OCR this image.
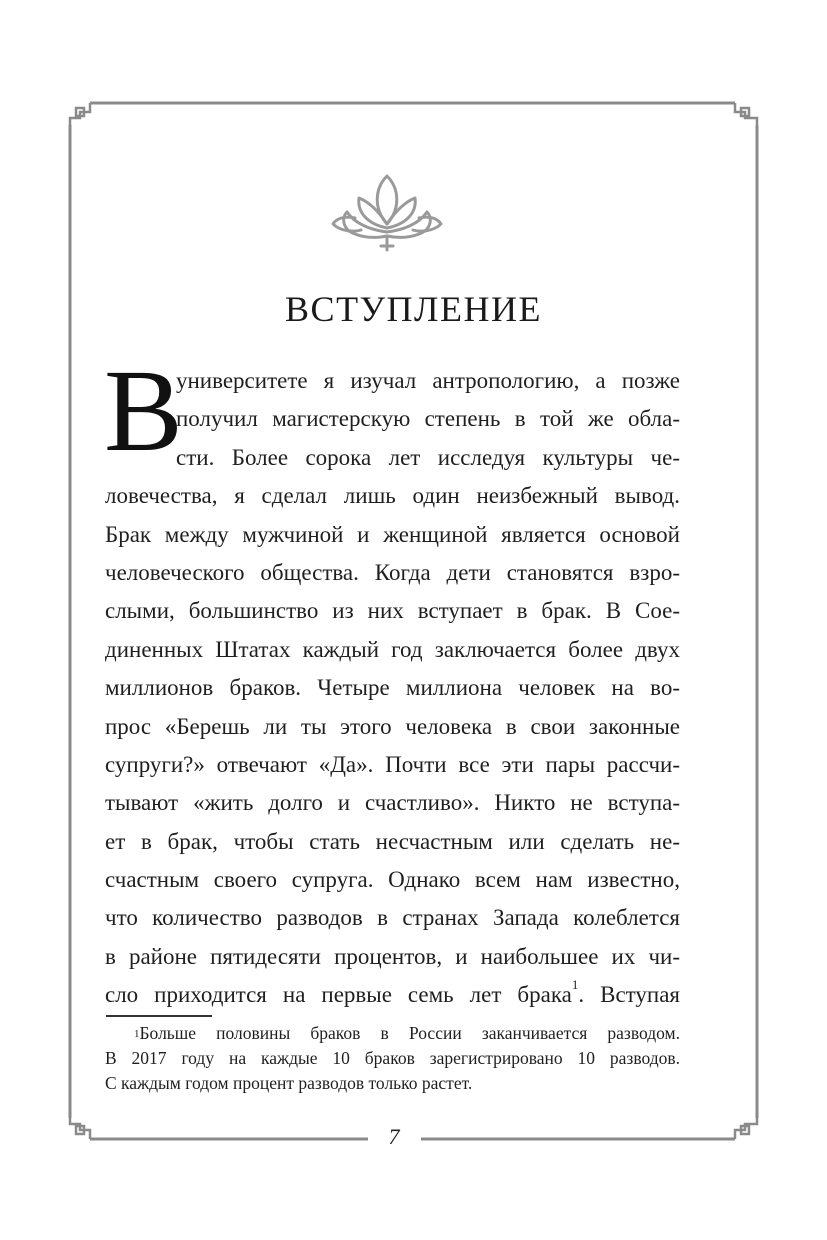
ВСТУПЛЕНИЕ
В
университете я изучал антропологию, а позже
получил магистерскую степень в той же обла-
сти. Более сорока лет исследуя культуры че-
ловечества, я сделал лишь один неизбежный вывод.
Брак между мужчиной и женщиной является основой
человеческого общества. Когда дети становятся взро-
слыми, большинство из них вступает в брак. В Сое-
диненных Штатах каждый год заключается более двух
миллионов браков. Четыре миллиона человек на во-
прос «Берешь ли ты этого человека в свои законные
супруги?» отвечают «Да». Почти все эти пары рассчи-
тывают «жить долго и счастливо». Никто не вступа-
ет в брак, чтобы стать несчастным или сделать не-
счастным своего супруга. Однако всем нам известно,
что количество разводов в странах Запада колеблется
в районе пятидесяти процентов, и наибольшее их чи-
сло приходится на первые семь лет брака$^1$. Вступая
$^1$Больше половины браков в России заканчивается разводом.
В 2017 году на каждые 10 браков зарегистрировано 10 разводов.
С каждым годом процент разводов только растет.
7
